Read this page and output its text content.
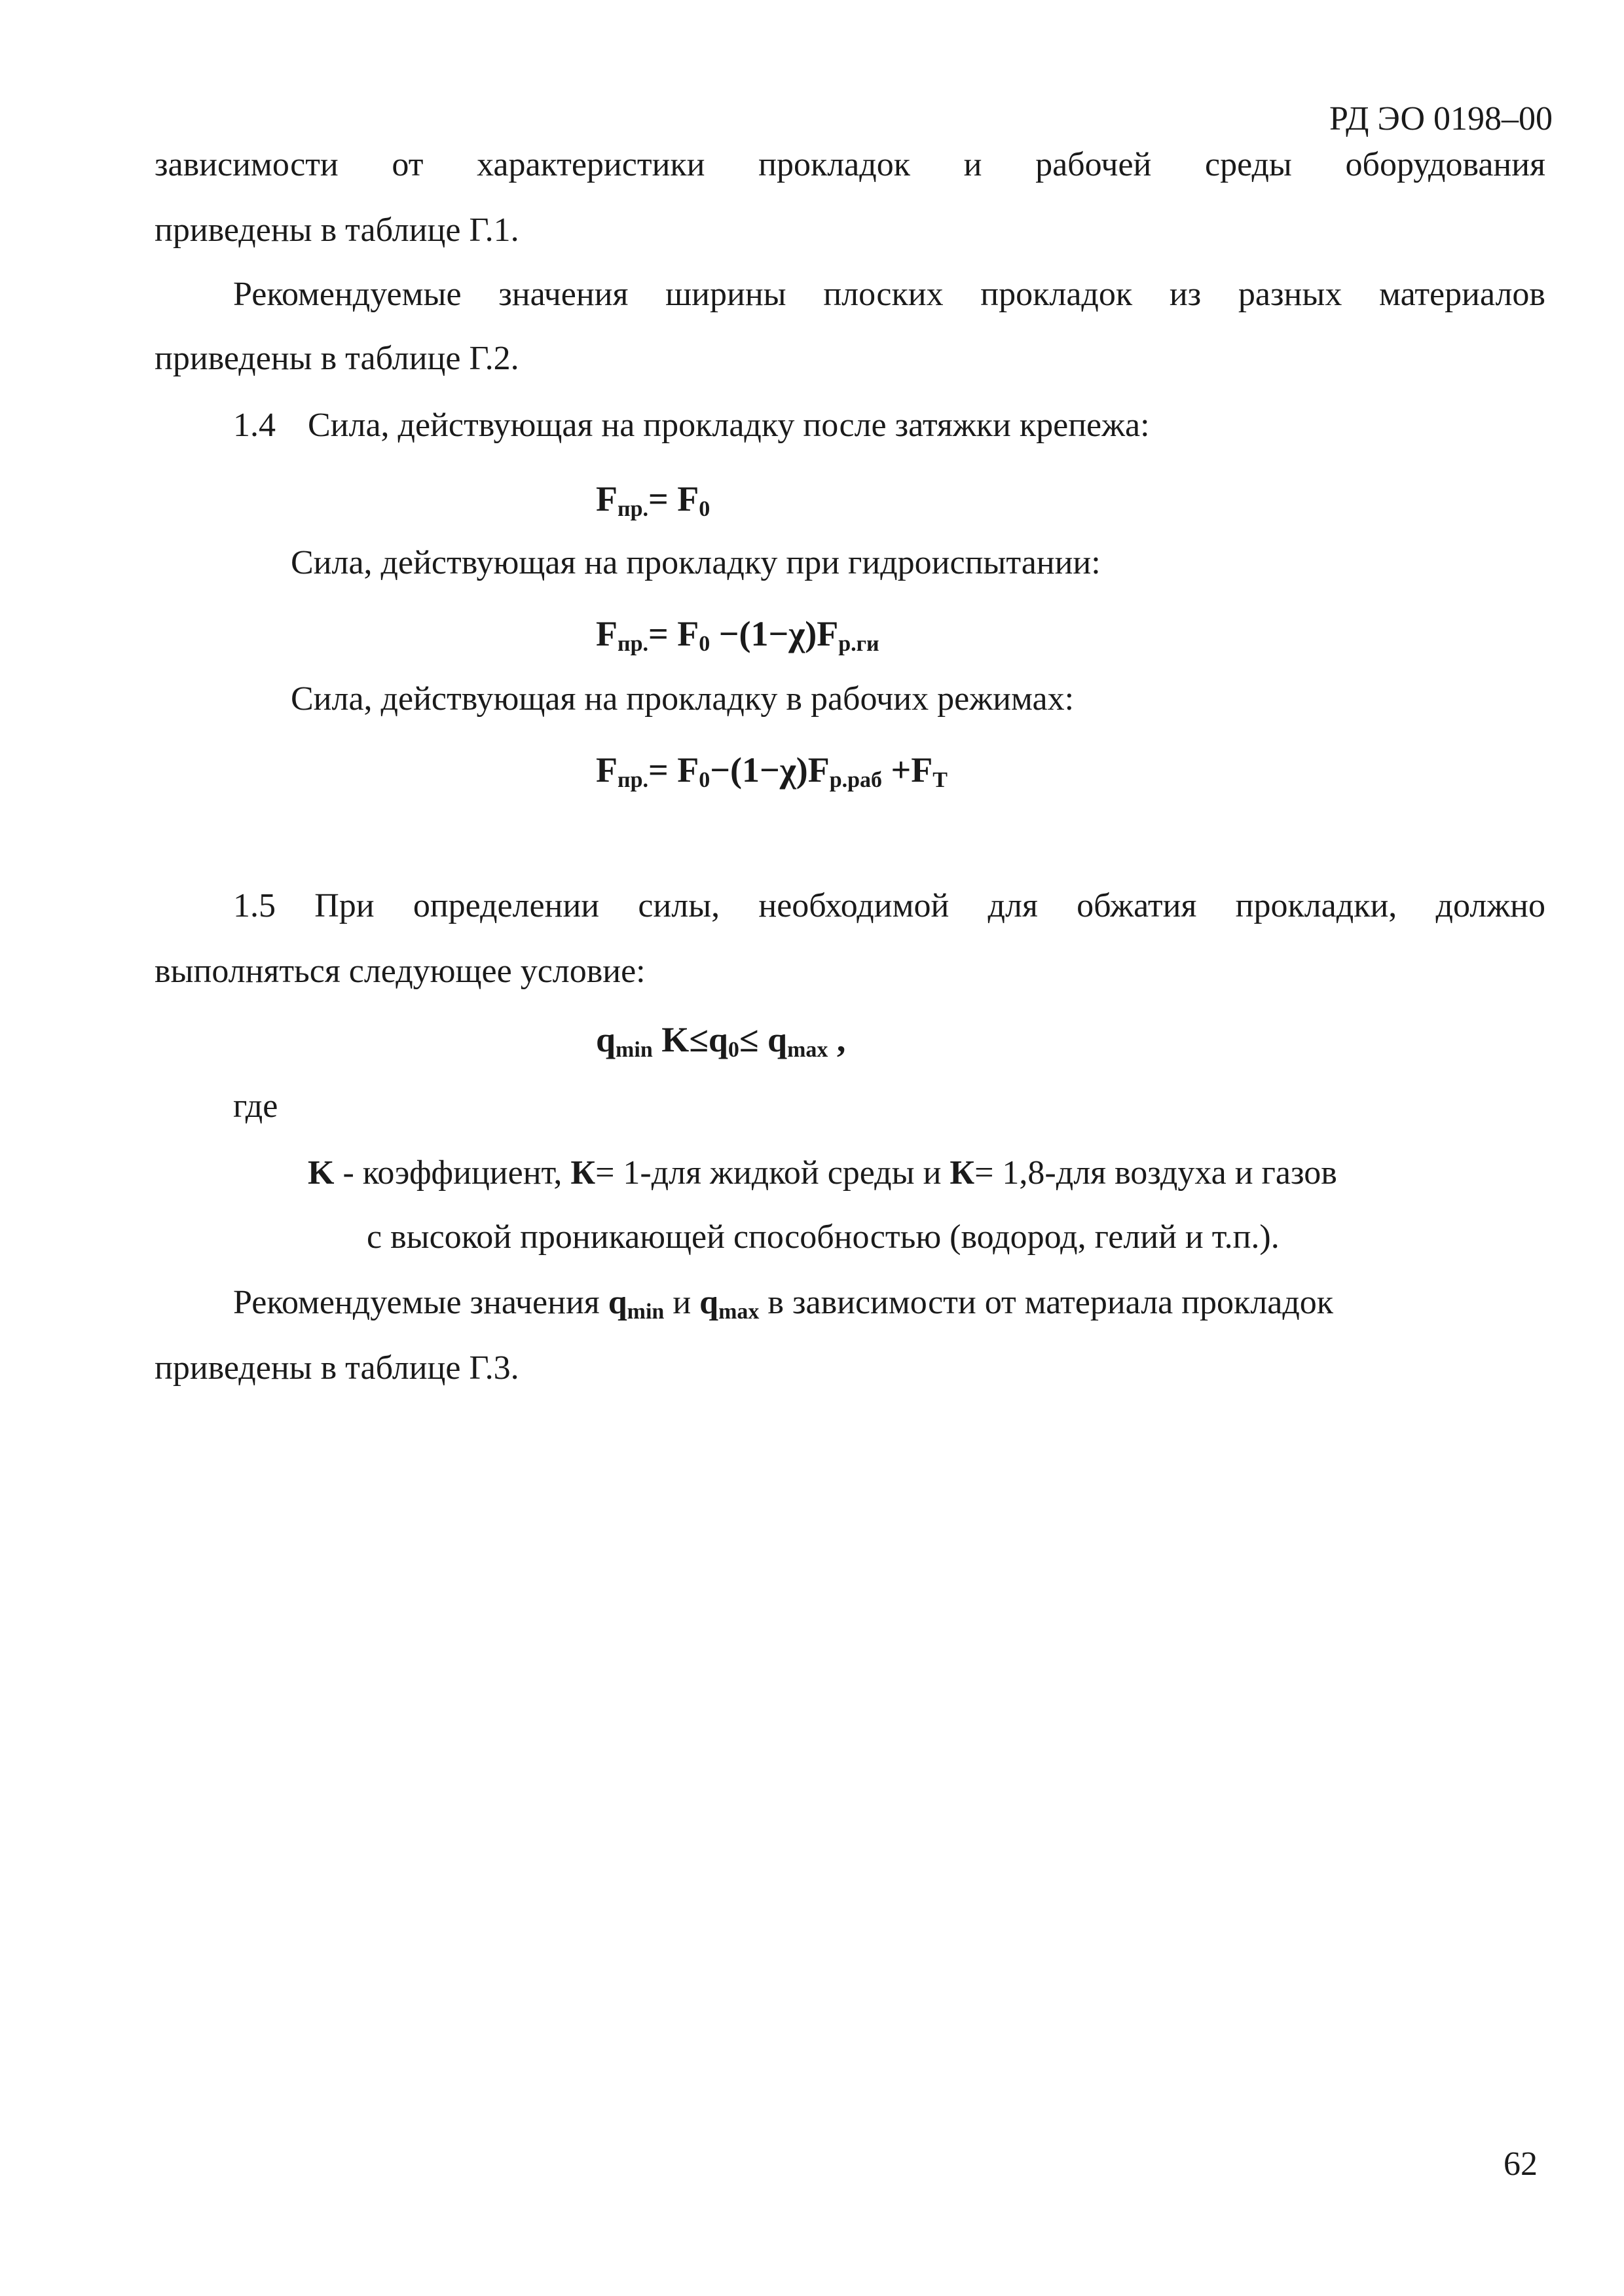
РД ЭО 0198–00
зависимости от характеристики прокладок и рабочей среды оборудования
приведены в таблице Г.1.
Рекомендуемые значения ширины плоских прокладок из разных материалов
приведены в таблице Г.2.
1.4 Сила, действующая на прокладку после затяжки крепежа:
$F_{пр.}= F_0$
Сила, действующая на прокладку при гидроиспытании:
$F_{пр.}= F_0 -(1-\chi)F_{р.ги}$
Сила, действующая на прокладку в рабочих режимах:
$F_{пр.}= F_0-(1-\chi)F_{р.раб} +F_T$
1.5 При определении силы, необходимой для обжатия прокладки, должно
выполняться следующее условие:
$q_{min}$ $K\le q_0\le q_{max}$ ,
где
K - коэффициент, К= 1-для жидкой среды и К= 1,8-для воздуха и газов
с высокой проникающей способностью (водород, гелий и т.п.).
Рекомендуемые значения $q_{min}$ и $q_{max}$ в зависимости от материала прокладок
приведены в таблице Г.3.
62
